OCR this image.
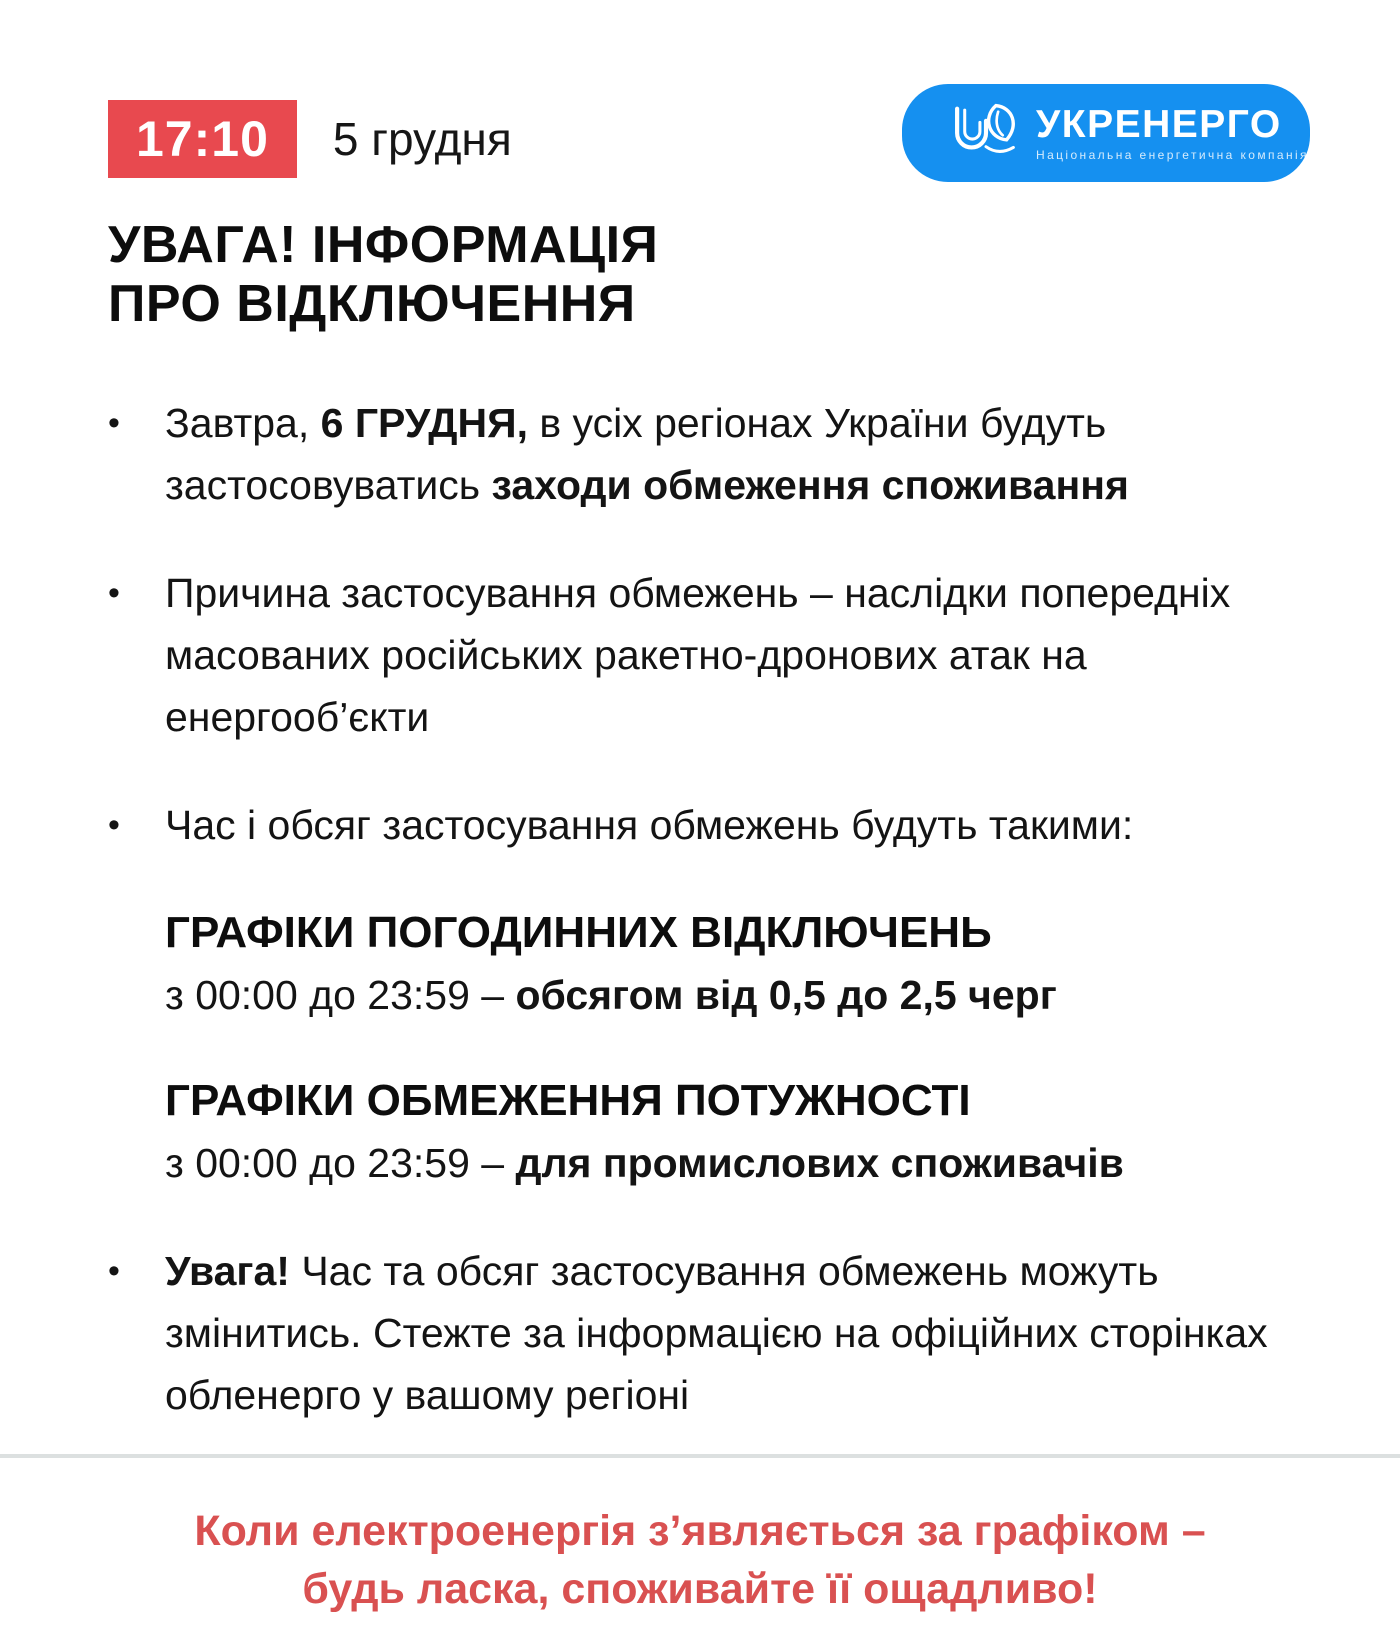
17:10	5 грудня	УКРЕНЕРГО
Національна енергетична компанія
УВАГА! ІНФОРМАЦІЯ
ПРО ВІДКЛЮЧЕННЯ
•	Завтра, 6 ГРУДНЯ, в усіх регіонах України будуть застосовуватись заходи обмеження споживання
•	Причина застосування обмежень – наслідки попередніх масованих російських ракетно-дронових атак на енергооб’єкти
•	Час і обсяг застосування обмежень будуть такими:
ГРАФІКИ ПОГОДИННИХ ВІДКЛЮЧЕНЬ

з 00:00 до 23:59 – обсягом від 0,5 до 2,5 черг

ГРАФІКИ ОБМЕЖЕННЯ ПОТУЖНОСТІ

з 00:00 до 23:59 – для промислових споживачів

•	Увага! Час та обсяг застосування обмежень можуть змінитись. Стежте за інформацією на офіційних сторінках обленерго у вашому регіоні
Коли електроенергія з’являється за графіком –
будь ласка, споживайте її ощадливо!
